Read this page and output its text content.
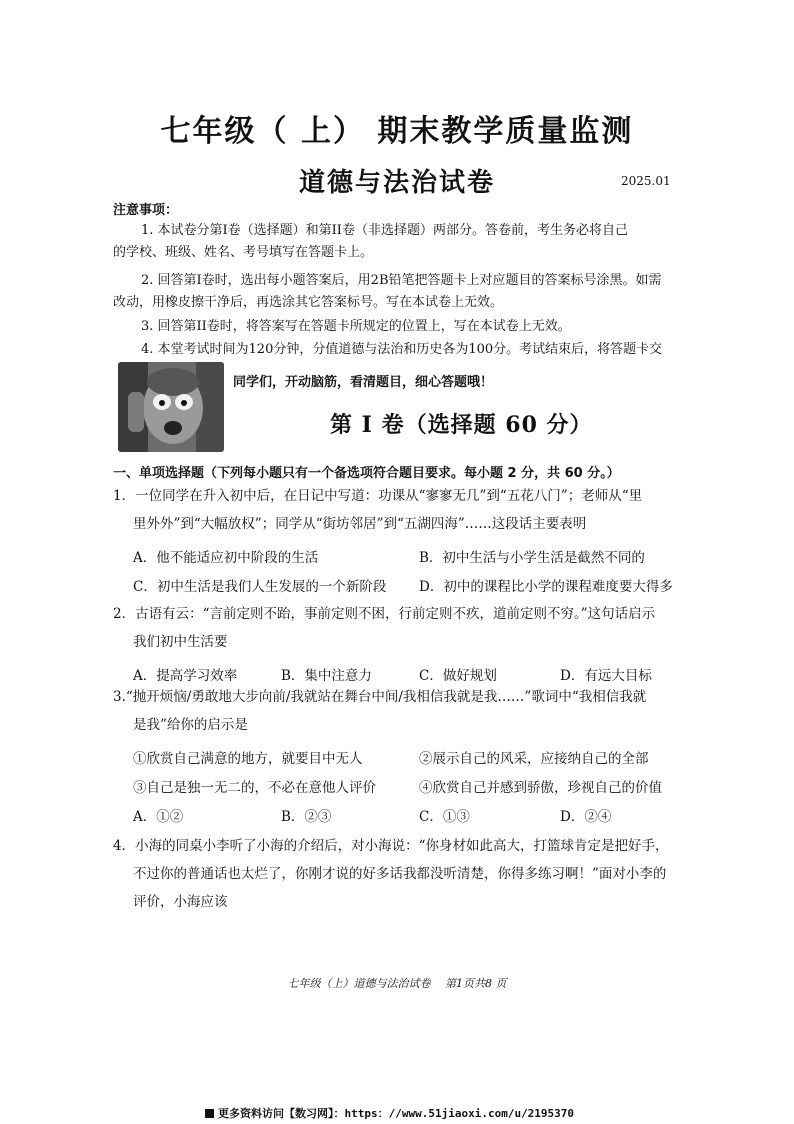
七年级（ 上） 期末教学质量监测
道德与法治试卷	2025.01
注意事项：
1. 本试卷分第I卷（选择题）和第II卷（非选择题）两部分。答卷前，考生务必将自己
的学校、班级、姓名、考号填写在答题卡上。
2. 回答第I卷时，选出每小题答案后，用2B铅笔把答题卡上对应题目的答案标号涂黑。如需
改动，用橡皮擦干净后，再选涂其它答案标号。写在本试卷上无效。
3. 回答第II卷时，将答案写在答题卡所规定的位置上，写在本试卷上无效。
4. 本堂考试时间为120分钟，分值道德与法治和历史各为100分。考试结束后，将答题卡交
同学们，开动脑筋，看清题目，细心答题哦！
第 I 卷（选择题 60 分）
一、单项选择题（下列每小题只有一个备选项符合题目要求。每小题 2 分，共 60 分。）
1．一位同学在升入初中后，在日记中写道：功课从“寥寥无几”到“五花八门”；老师从“里
里外外”到“大幅放权”；同学从“街坊邻居”到“五湖四海”……这段话主要表明
A．他不能适应初中阶段的生活	B．初中生活与小学生活是截然不同的
C．初中生活是我们人生发展的一个新阶段 D．初中的课程比小学的课程难度要大得多
2．古语有云：“言前定则不跆，事前定则不困，行前定则不疚，道前定则不穷。”这句话启示
我们初中生活要
A．提高学习效率	B．集中注意力	C．做好规划	D．有远大目标
3.“抛开烦恼/勇敢地大步向前/我就站在舞台中间/我相信我就是我……”歌词中“我相信我就
是我”给你的启示是
①欣赏自己满意的地方，就要目中无人	②展示自己的风采，应接纳自己的全部
③自己是独一无二的，不必在意他人评价	④欣赏自己并感到骄傲，珍视自己的价值
A．①②	B．②③	C．①③	D．②④
4．小海的同桌小李听了小海的介绍后，对小海说：“你身材如此高大，打篮球肯定是把好手，
不过你的普通话也太烂了，你刚才说的好多话我都没听清楚，你得多练习啊！”面对小李的
评价，小海应该
七年级（上）道德与法治试卷　 第1页共8 页
更多资料访问【数习网】：https：//www.51jiaoxi.com/u/2195370
